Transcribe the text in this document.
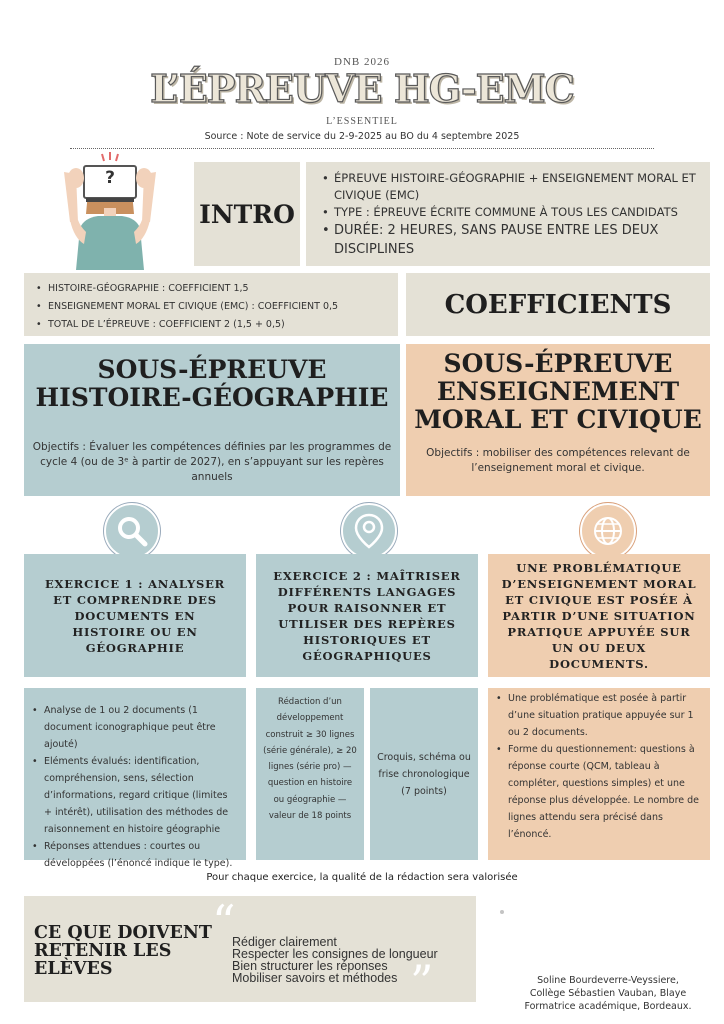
DNB 2026
L’ÉPREUVE HG-EMC
L’ESSENTIEL
Source : Note de service du 2-9-2025 au BO du 4 septembre 2025
?
INTRO
• ÉPREUVE HISTOIRE-GÉOGRAPHIE + ENSEIGNEMENT MORAL ET CIVIQUE (EMC)
• TYPE : ÉPREUVE ÉCRITE COMMUNE À TOUS LES CANDIDATS
• DURÉE: 2 HEURES, SANS PAUSE ENTRE LES DEUX DISCIPLINES
• HISTOIRE-GÉOGRAPHIE : COEFFICIENT 1,5
• ENSEIGNEMENT MORAL ET CIVIQUE (EMC) : COEFFICIENT 0,5
• TOTAL DE L’ÉPREUVE : COEFFICIENT 2 (1,5 + 0,5)
COEFFICIENTS
SOUS-ÉPREUVE HISTOIRE-GÉOGRAPHIE
Objectifs : Évaluer les compétences définies par les programmes de cycle 4 (ou de 3ᵉ à partir de 2027), en s’appuyant sur les repères annuels
SOUS-ÉPREUVE ENSEIGNEMENT MORAL ET CIVIQUE
Objectifs : mobiliser des compétences relevant de l’enseignement moral et civique.
EXERCICE 1 : ANALYSER ET COMPRENDRE DES DOCUMENTS EN HISTOIRE OU EN GÉOGRAPHIE
EXERCICE 2 : MAÎTRISER DIFFÉRENTS LANGAGES POUR RAISONNER ET UTILISER DES REPÈRES HISTORIQUES ET GÉOGRAPHIQUES
UNE PROBLÉMATIQUE D’ENSEIGNEMENT MORAL ET CIVIQUE EST POSÉE À PARTIR D’UNE SITUATION PRATIQUE APPUYÉE SUR UN OU DEUX DOCUMENTS.
• Analyse de 1 ou 2 documents (1 document iconographique peut être ajouté)
• Eléments évalués: identification, compréhension, sens, sélection d’informations, regard critique (limites + intérêt), utilisation des méthodes de raisonnement en histoire géographie
• Réponses attendues : courtes ou développées (l’énoncé indique le type).
Rédaction d’un développement construit ≥ 30 lignes (série générale), ≥ 20 lignes (série pro) — question en histoire ou géographie — valeur de 18 points
Croquis, schéma ou frise chronologique (7 points)
• Une problématique est posée à partir d’une situation pratique appuyée sur 1 ou 2 documents.
• Forme du questionnement: questions à réponse courte (QCM, tableau à compléter, questions simples) et une réponse plus développée. Le nombre de lignes attendu sera précisé dans l’énoncé.
Pour chaque exercice, la qualité de la rédaction sera valorisée
CE QUE DOIVENT RETENIR LES ELÈVES
“
Rédiger clairement
Respecter les consignes de longueur
Bien structurer les réponses
Mobiliser savoirs et méthodes ”	Soline Bourdeverre-Veyssiere,
Collège Sébastien Vauban, Blaye
Formatrice académique, Bordeaux.
